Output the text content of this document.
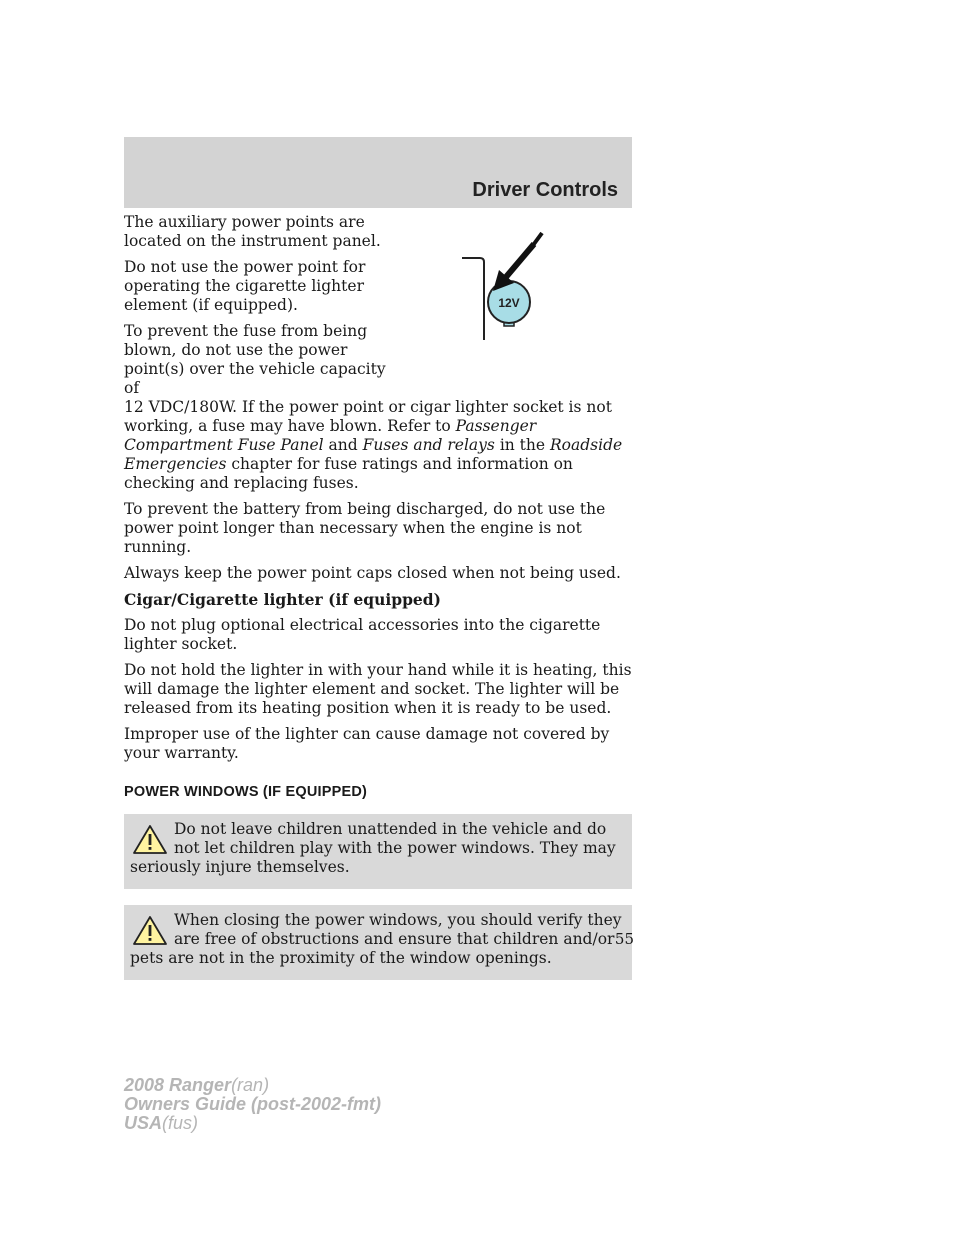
Driver Controls
12V

The auxiliary power points are located on the instrument panel.

Do not use the power point for operating the cigarette lighter element (if equipped).

To prevent the fuse from being blown, do not use the power point(s) over the vehicle capacity of

12 VDC/180W. If the power point or cigar lighter socket is not working, a fuse may have blown. Refer to Passenger Compartment Fuse Panel and Fuses and relays in the Roadside Emergencies chapter for fuse ratings and information on checking and replacing fuses.

To prevent the battery from being discharged, do not use the power point longer than necessary when the engine is not running.

Always keep the power point caps closed when not being used.

Cigar/Cigarette lighter (if equipped)

Do not plug optional electrical accessories into the cigarette lighter socket.

Do not hold the lighter in with your hand while it is heating, this will damage the lighter element and socket. The lighter will be released from its heating position when it is ready to be used.

Improper use of the lighter can cause damage not covered by your warranty.

POWER WINDOWS (IF EQUIPPED)
Do not leave children unattended in the vehicle and do not let children play with the power windows. They may seriously injure themselves.
When closing the power windows, you should verify they are free of obstructions and ensure that children and/or pets are not in the proximity of the window openings.
55
2008 Ranger(ran)
Owners Guide (post-2002-fmt)
USA(fus)
